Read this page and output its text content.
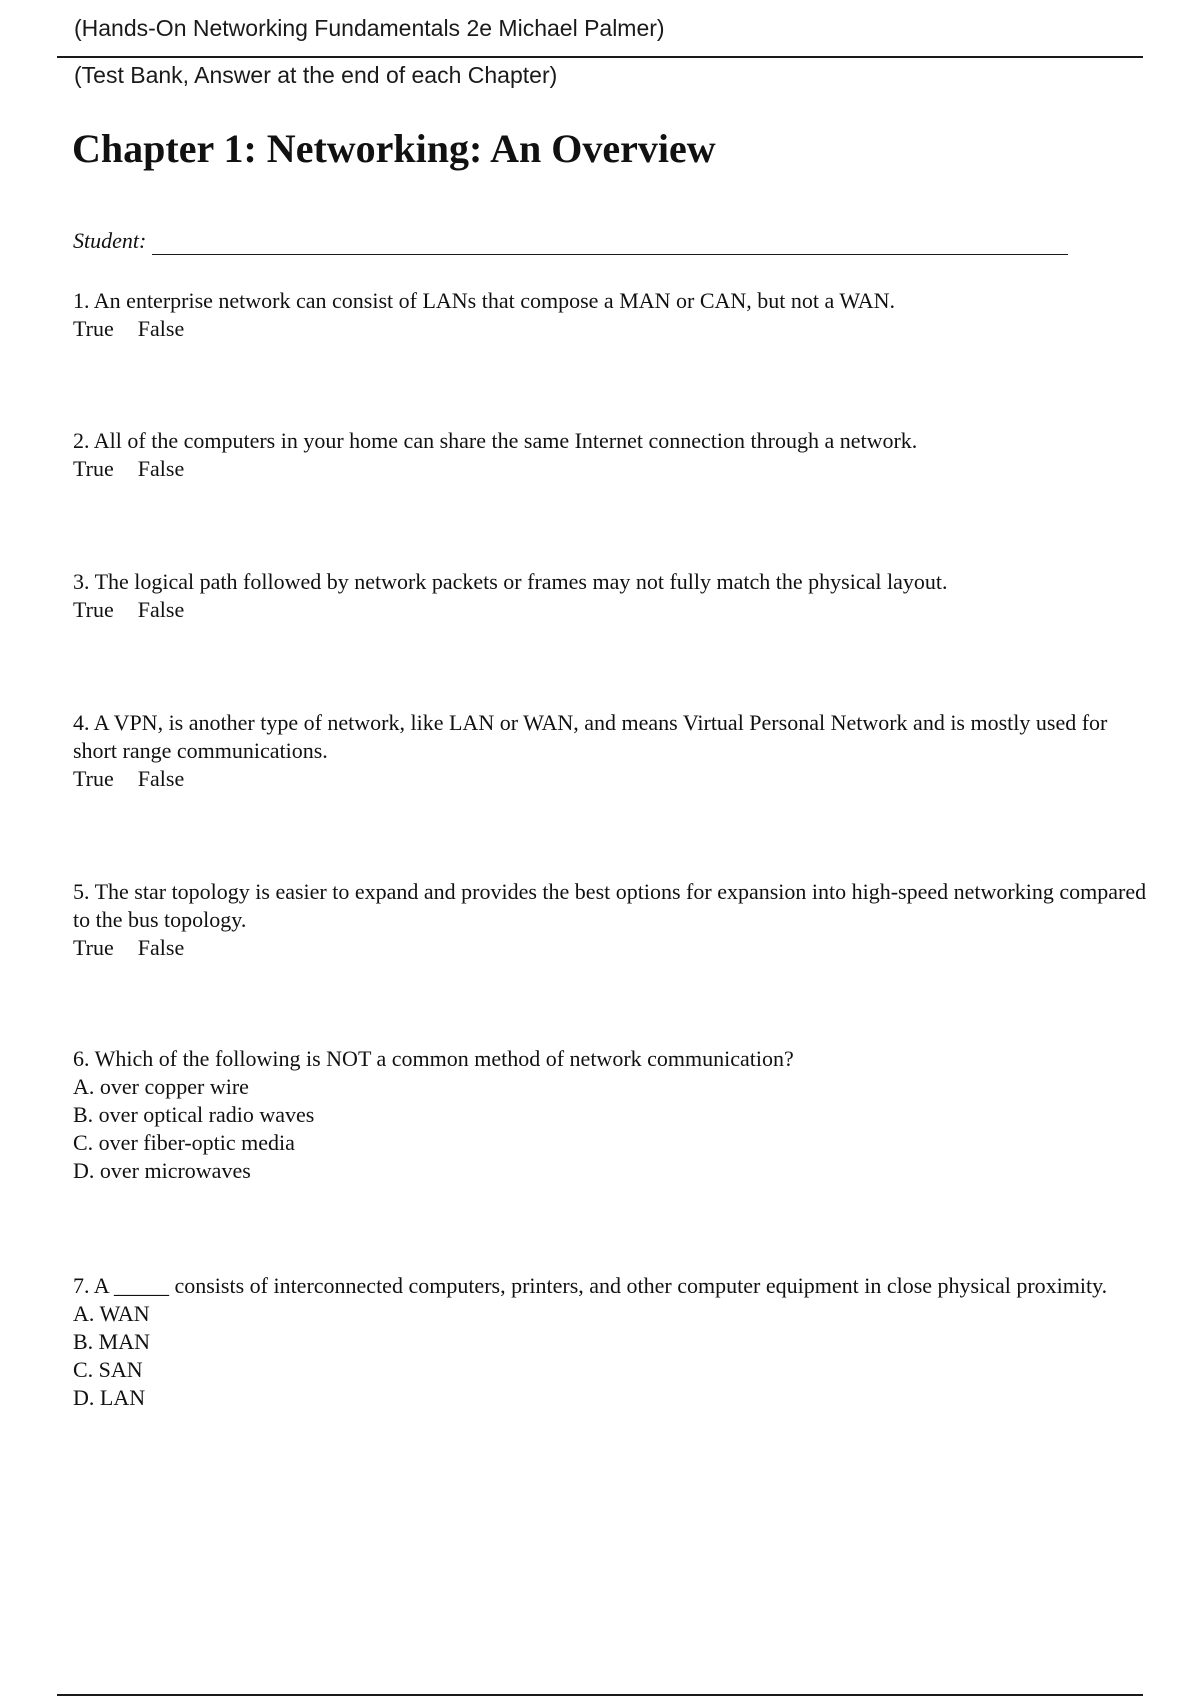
(Hands-On Networking Fundamentals 2e Michael Palmer)
(Test Bank, Answer at the end of each Chapter)
Chapter 1: Networking: An Overview
Student:

1. An enterprise network can consist of LANs that compose a MAN or CAN, but not a WAN.

True False

2. All of the computers in your home can share the same Internet connection through a network.

True False

3. The logical path followed by network packets or frames may not fully match the physical layout.

True False

4. A VPN, is another type of network, like LAN or WAN, and means Virtual Personal Network and is mostly used for short range communications.

True False

5. The star topology is easier to expand and provides the best options for expansion into high-speed networking compared to the bus topology.

True False

6. Which of the following is NOT a common method of network communication?

A. over copper wire

B. over optical radio waves

C. over fiber-optic media

D. over microwaves

7. A _____ consists of interconnected computers, printers, and other computer equipment in close physical proximity.

A. WAN

B. MAN

C. SAN

D. LAN
